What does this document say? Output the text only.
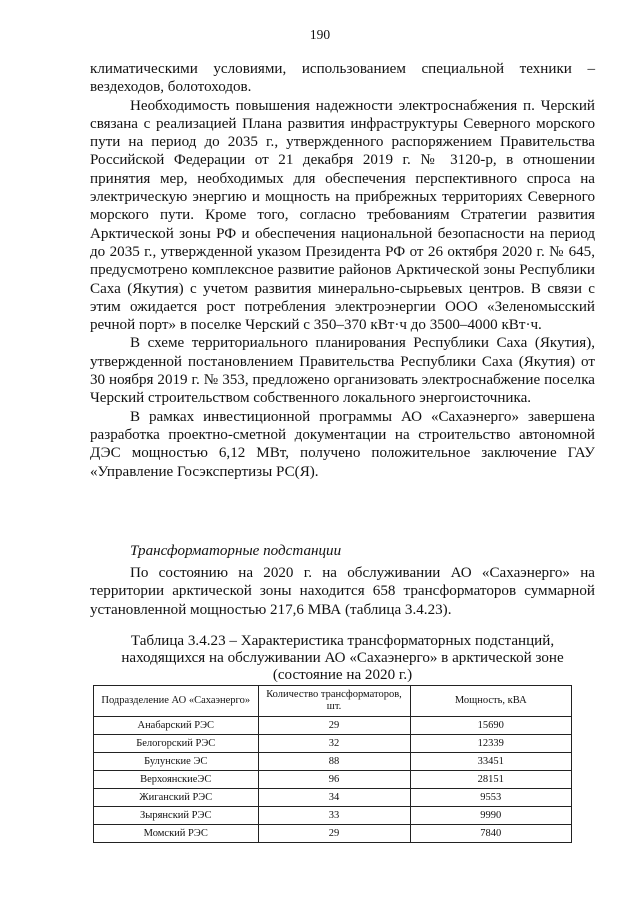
190

климатическими условиями, использованием специальной техники – вездеходов, болотоходов.

Необходимость повышения надежности электроснабжения п. Черский связана с реализацией Плана развития инфраструктуры Северного морского пути на период до 2035 г., утвержденного распоряжением Правительства Российской Федерации от 21 декабря 2019 г. № 3120-р, в отношении принятия мер, необходимых для обеспечения перспективного спроса на электрическую энергию и мощность на прибрежных территориях Северного морского пути. Кроме того, согласно требованиям Стратегии развития Арктической зоны РФ и обеспечения национальной безопасности на период до 2035 г., утвержденной указом Президента РФ от 26 октября 2020 г. № 645, предусмотрено комплексное развитие районов Арктической зоны Республики Саха (Якутия) с учетом развития минерально-сырьевых центров. В связи с этим ожидается рост потребления электроэнергии ООО «Зеленомысский речной порт» в поселке Черский с 350–370 кВт·ч до 3500–4000 кВт·ч.

В схеме территориального планирования Республики Саха (Якутия), утвержденной постановлением Правительства Республики Саха (Якутия) от 30 ноября 2019 г. № 353, предложено организовать электроснабжение поселка Черский строительством собственного локального энергоисточника.

В рамках инвестиционной программы АО «Сахаэнерго» завершена разработка проектно-сметной документации на строительство автономной ДЭС мощностью 6,12 МВт, получено положительное заключение ГАУ «Управление Госэкспертизы РС(Я).

Трансформаторные подстанции

По состоянию на 2020 г. на обслуживании АО «Сахаэнерго» на территории арктической зоны находится 658 трансформаторов суммарной установленной мощностью 217,6 МВА (таблица 3.4.23).

Таблица 3.4.23 – Характеристика трансформаторных подстанций, находящихся на обслуживании АО «Сахаэнерго» в арктической зоне (состояние на 2020 г.)
Подразделение АО «Сахаэнерго»	Количество трансформаторов, шт.	Мощность, кВА
Анабарский РЭС	29	15690
Белогорский РЭС	32	12339
Булунские ЭС	88	33451
ВерхоянскиеЭС	96	28151
Жиганский РЭС	34	9553
Зырянский РЭС	33	9990
Момский РЭС	29	7840
